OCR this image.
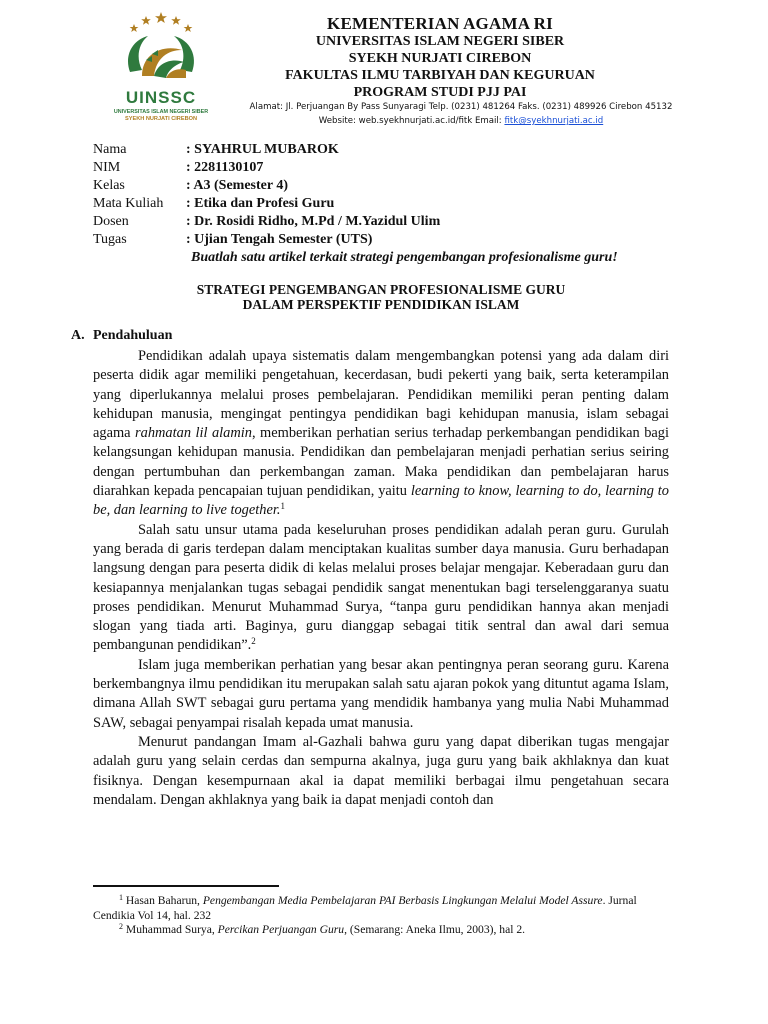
UINSSC
UNIVERSITAS ISLAM NEGERI SIBER
SYEKH NURJATI CIREBON
KEMENTERIAN AGAMA RI
UNIVERSITAS ISLAM NEGERI SIBER
SYEKH NURJATI CIREBON
FAKULTAS ILMU TARBIYAH DAN KEGURUAN
PROGRAM STUDI PJJ PAI
Alamat: Jl. Perjuangan By Pass Sunyaragi Telp. (0231) 481264 Faks. (0231) 489926 Cirebon 45132
Website: web.syekhnurjati.ac.id/fitk Email: fitk@syekhnurjati.ac.id
Nama	: SYAHRUL MUBAROK
NIM	: 2281130107
Kelas	: A3 (Semester 4)
Mata Kuliah : Etika dan Profesi Guru
Dosen	: Dr. Rosidi Ridho, M.Pd / M.Yazidul Ulim
Tugas	: Ujian Tengah Semester (UTS)
Buatlah satu artikel terkait strategi pengembangan profesionalisme guru!
STRATEGI PENGEMBANGAN PROFESIONALISME GURU
DALAM PERSPEKTIF PENDIDIKAN ISLAM
A. Pendahuluan

Pendidikan adalah upaya sistematis dalam mengembangkan potensi yang ada dalam diri peserta didik agar memiliki pengetahuan, kecerdasan, budi pekerti yang baik, serta keterampilan yang diperlukannya melalui proses pembelajaran. Pendidikan memiliki peran penting dalam kehidupan manusia, mengingat pentingya pendidikan bagi kehidupan manusia, islam sebagai agama rahmatan lil alamin, memberikan perhatian serius terhadap perkembangan pendidikan bagi kelangsungan kehidupan manusia. Pendidikan dan pembelajaran menjadi perhatian serius seiring dengan pertumbuhan dan perkembangan zaman. Maka pendidikan dan pembelajaran harus diarahkan kepada pencapaian tujuan pendidikan, yaitu learning to know, learning to do, learning to be, dan learning to live together.$^1$

Salah satu unsur utama pada keseluruhan proses pendidikan adalah peran guru. Gurulah yang berada di garis terdepan dalam menciptakan kualitas sumber daya manusia. Guru berhadapan langsung dengan para peserta didik di kelas melalui proses belajar mengajar. Keberadaan guru dan kesiapannya menjalankan tugas sebagai pendidik sangat menentukan bagi terselenggaranya suatu proses pendidikan. Menurut Muhammad Surya, “tanpa guru pendidikan hannya akan menjadi slogan yang tiada arti. Baginya, guru dianggap sebagai titik sentral dan awal dari semua pembangunan pendidikan”.$^2$

Islam juga memberikan perhatian yang besar akan pentingnya peran seorang guru. Karena berkembangnya ilmu pendidikan itu merupakan salah satu ajaran pokok yang dituntut agama Islam, dimana Allah SWT sebagai guru pertama yang mendidik hambanya yang mulia Nabi Muhammad SAW, sebagai penyampai risalah kepada umat manusia.

Menurut pandangan Imam al-Gazhali bahwa guru yang dapat diberikan tugas mengajar adalah guru yang selain cerdas dan sempurna akalnya, juga guru yang baik akhlaknya dan kuat fisiknya. Dengan kesempurnaan akal ia dapat memiliki berbagai ilmu pengetahuan secara mendalam. Dengan akhlaknya yang baik ia dapat menjadi contoh dan

$^1$ Hasan Baharun, Pengembangan Media Pembelajaran PAI Berbasis Lingkungan Melalui Model Assure. Jurnal Cendikia Vol 14, hal. 232
$^2$ Muhammad Surya, Percikan Perjuangan Guru, (Semarang: Aneka Ilmu, 2003), hal 2.
